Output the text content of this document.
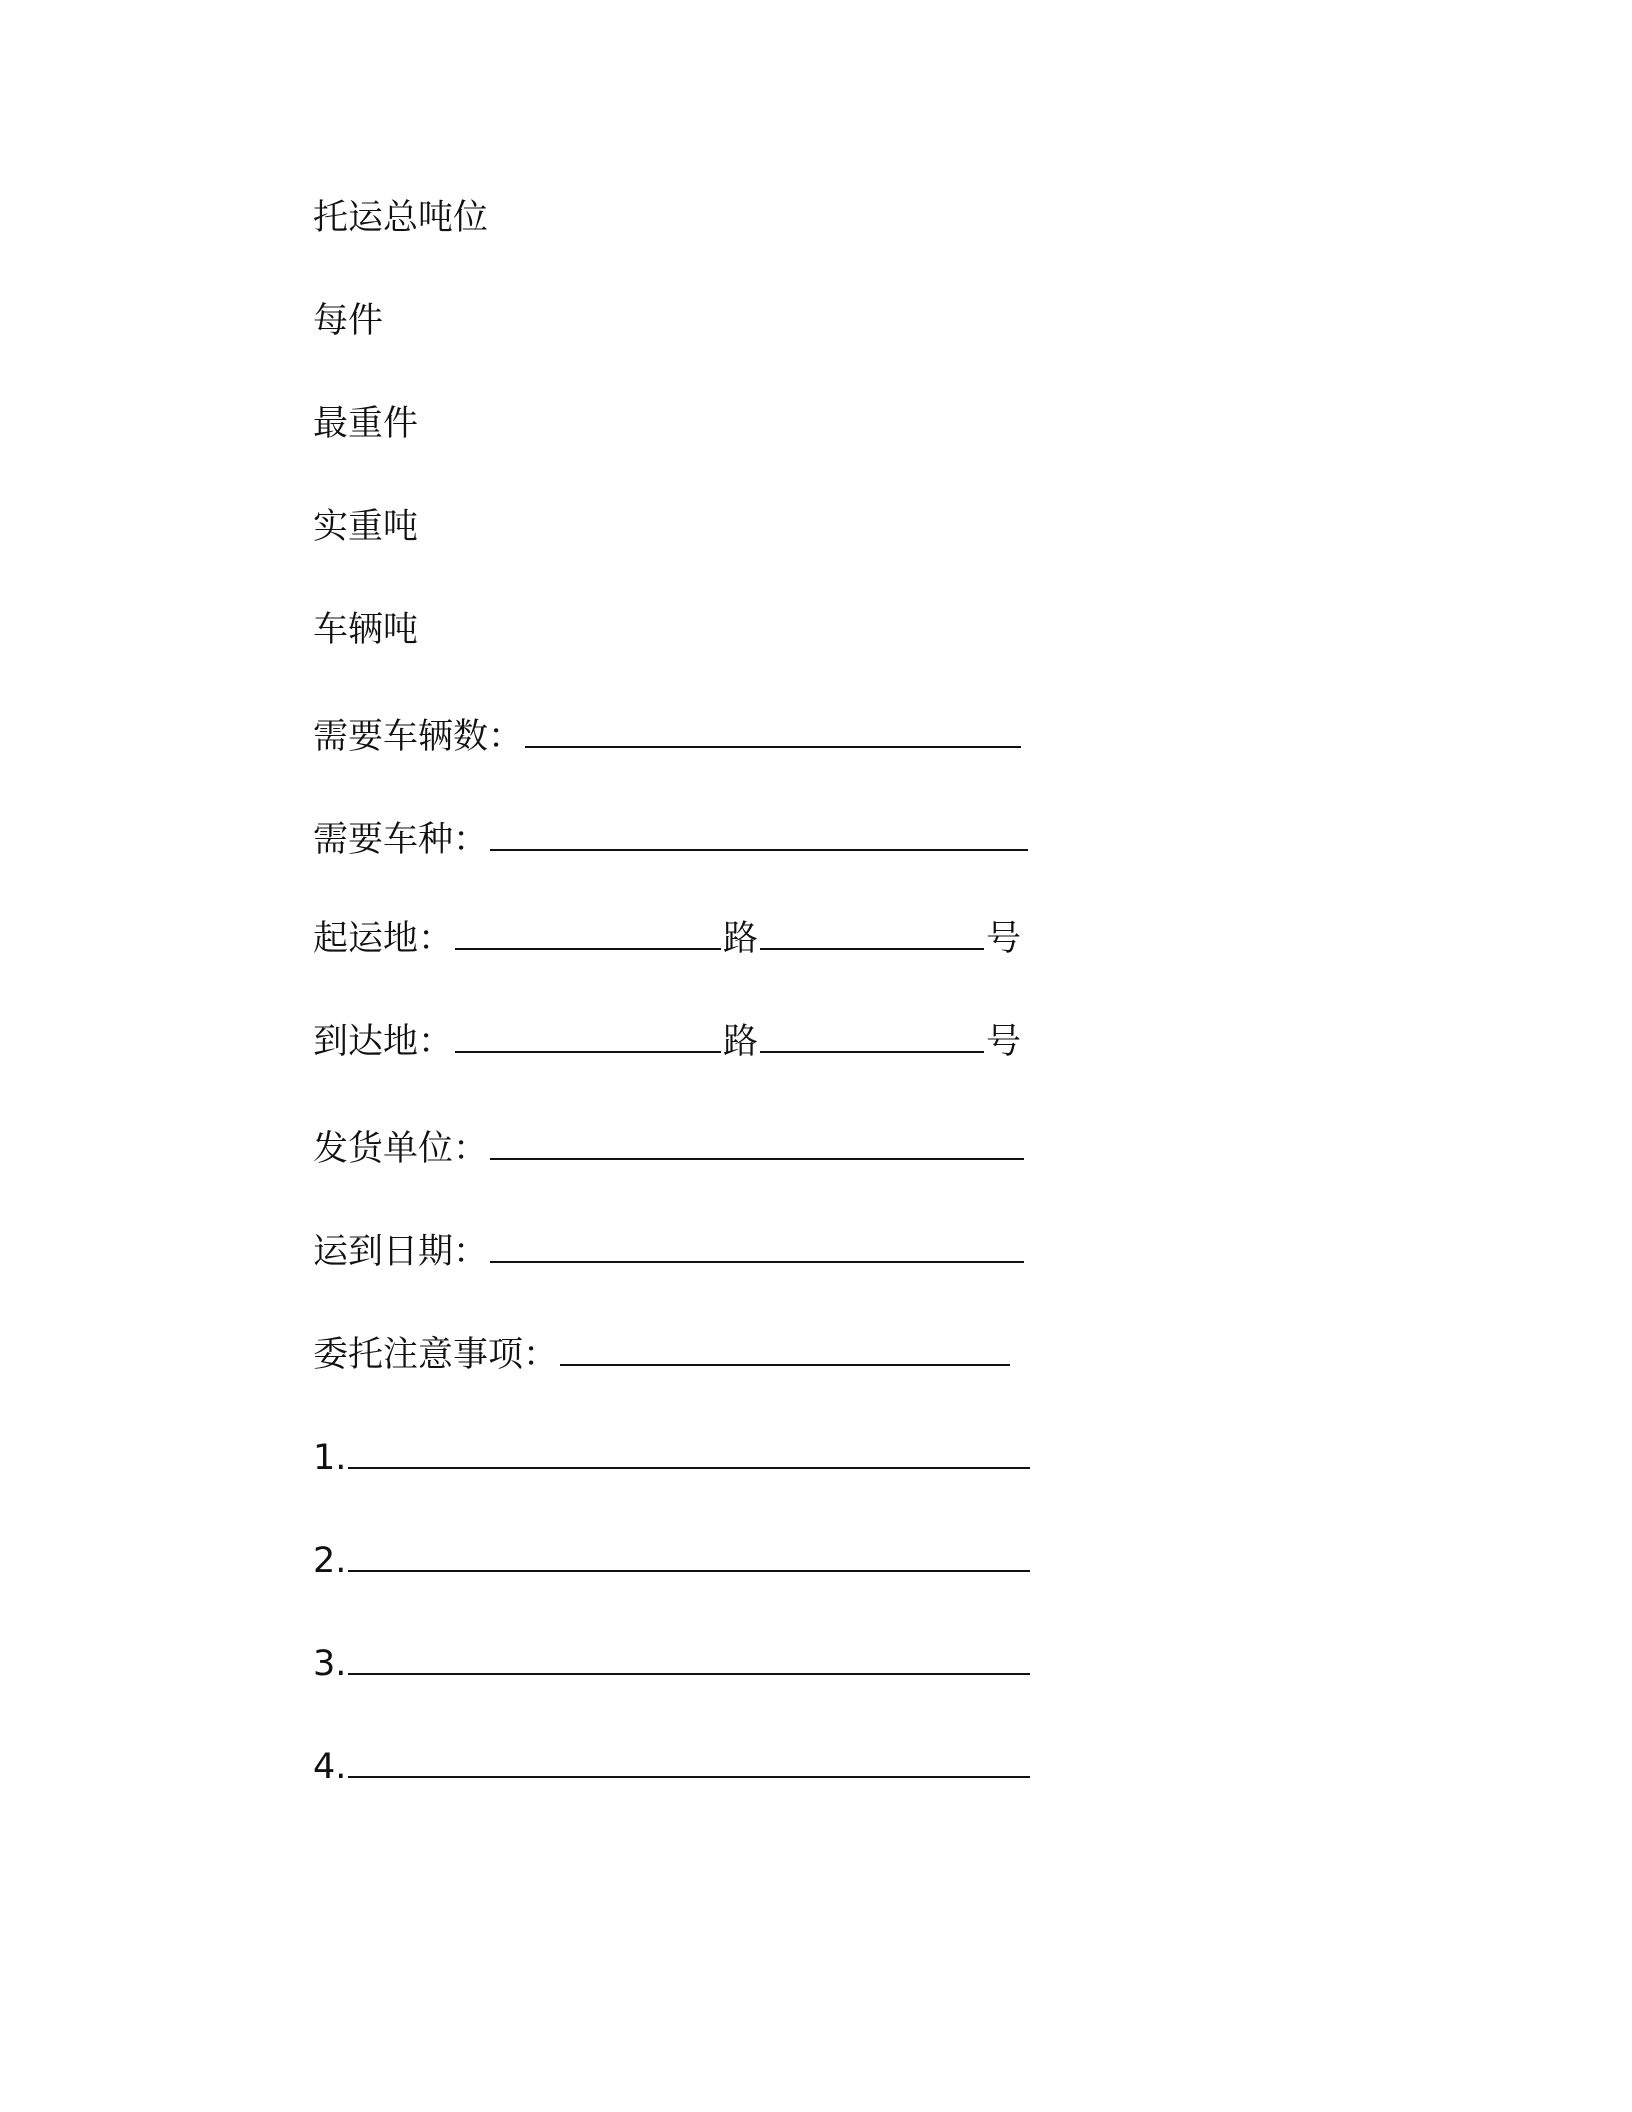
托运总吨位
每件
最重件
实重吨
车辆吨
需要车辆数：
需要车种：
起运地：	路	号
到达地：	路	号
发货单位：
运到日期：
委托注意事项：
1.
2.
3.
4.
